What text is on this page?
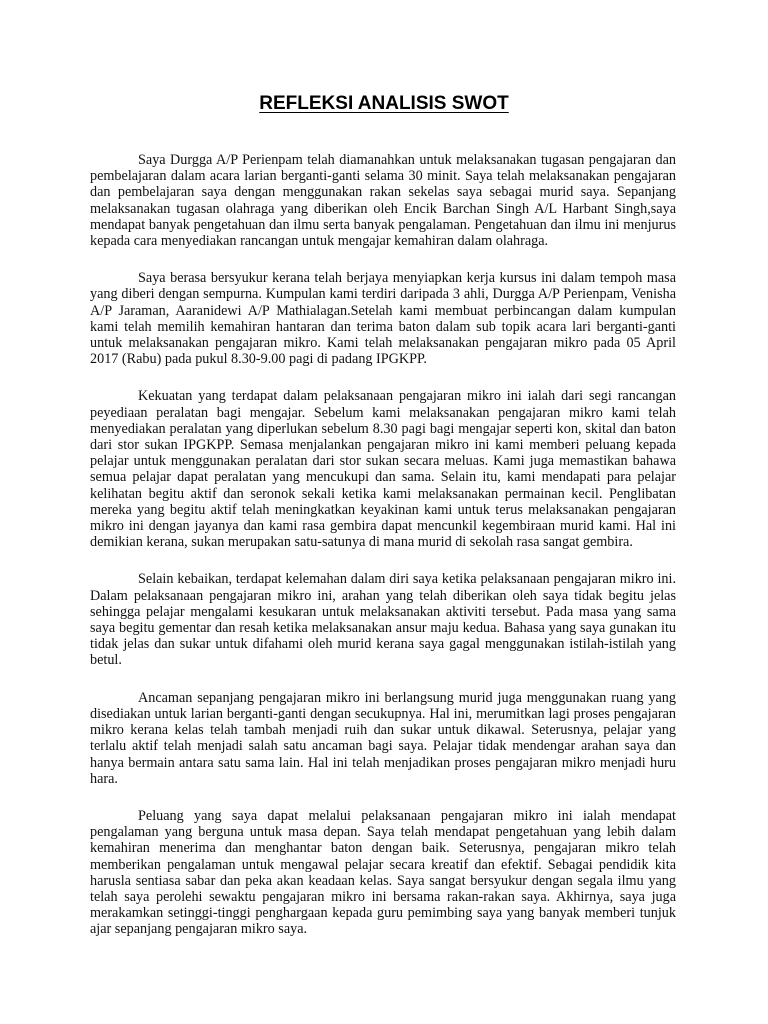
REFLEKSI ANALISIS SWOT

Saya Durgga A/P Perienpam telah diamanahkan untuk melaksanakan tugasan pengajaran dan pembelajaran dalam acara larian berganti-ganti selama 30 minit. Saya telah melaksanakan pengajaran dan pembelajaran saya dengan menggunakan rakan sekelas saya sebagai murid saya. Sepanjang melaksanakan tugasan olahraga yang diberikan oleh Encik Barchan Singh A/L Harbant Singh,saya mendapat banyak pengetahuan dan ilmu serta banyak pengalaman. Pengetahuan dan ilmu ini menjurus kepada cara menyediakan rancangan untuk mengajar kemahiran dalam olahraga.

Saya berasa bersyukur kerana telah berjaya menyiapkan kerja kursus ini dalam tempoh masa yang diberi dengan sempurna. Kumpulan kami terdiri daripada 3 ahli, Durgga A/P Perienpam, Venisha A/P Jaraman, Aaranidewi A/P Mathialagan.Setelah kami membuat perbincangan dalam kumpulan kami telah memilih kemahiran hantaran dan terima baton dalam sub topik acara lari berganti-ganti untuk melaksanakan pengajaran mikro. Kami telah melaksanakan pengajaran mikro pada 05 April 2017 (Rabu) pada pukul 8.30-9.00 pagi di padang IPGKPP.

Kekuatan yang terdapat dalam pelaksanaan pengajaran mikro ini ialah dari segi rancangan peyediaan peralatan bagi mengajar. Sebelum kami melaksanakan pengajaran mikro kami telah menyediakan peralatan yang diperlukan sebelum 8.30 pagi bagi mengajar seperti kon, skital dan baton dari stor sukan IPGKPP. Semasa menjalankan pengajaran mikro ini kami memberi peluang kepada pelajar untuk menggunakan peralatan dari stor sukan secara meluas. Kami juga memastikan bahawa semua pelajar dapat peralatan yang mencukupi dan sama. Selain itu, kami mendapati para pelajar kelihatan begitu aktif dan seronok sekali ketika kami melaksanakan permainan kecil. Penglibatan mereka yang begitu aktif telah meningkatkan keyakinan kami untuk terus melaksanakan pengajaran mikro ini dengan jayanya dan kami rasa gembira dapat mencunkil kegembiraan murid kami. Hal ini demikian kerana, sukan merupakan satu-satunya di mana murid di sekolah rasa sangat gembira.

Selain kebaikan, terdapat kelemahan dalam diri saya ketika pelaksanaan pengajaran mikro ini. Dalam pelaksanaan pengajaran mikro ini, arahan yang telah diberikan oleh saya tidak begitu jelas sehingga pelajar mengalami kesukaran untuk melaksanakan aktiviti tersebut. Pada masa yang sama saya begitu gementar dan resah ketika melaksanakan ansur maju kedua. Bahasa yang saya gunakan itu tidak jelas dan sukar untuk difahami oleh murid kerana saya gagal menggunakan istilah-istilah yang betul.

Ancaman sepanjang pengajaran mikro ini berlangsung murid juga menggunakan ruang yang disediakan untuk larian berganti-ganti dengan secukupnya. Hal ini, merumitkan lagi proses pengajaran mikro kerana kelas telah tambah menjadi ruih dan sukar untuk dikawal. Seterusnya, pelajar yang terlalu aktif telah menjadi salah satu ancaman bagi saya. Pelajar tidak mendengar arahan saya dan hanya bermain antara satu sama lain. Hal ini telah menjadikan proses pengajaran mikro menjadi huru hara.

Peluang yang saya dapat melalui pelaksanaan pengajaran mikro ini ialah mendapat pengalaman yang berguna untuk masa depan. Saya telah mendapat pengetahuan yang lebih dalam kemahiran menerima dan menghantar baton dengan baik. Seterusnya, pengajaran mikro telah memberikan pengalaman untuk mengawal pelajar secara kreatif dan efektif. Sebagai pendidik kita harusla sentiasa sabar dan peka akan keadaan kelas. Saya sangat bersyukur dengan segala ilmu yang telah saya perolehi sewaktu pengajaran mikro ini bersama rakan-rakan saya. Akhirnya, saya juga merakamkan setinggi-tinggi penghargaan kepada guru pemimbing saya yang banyak memberi tunjuk ajar sepanjang pengajaran mikro saya.
